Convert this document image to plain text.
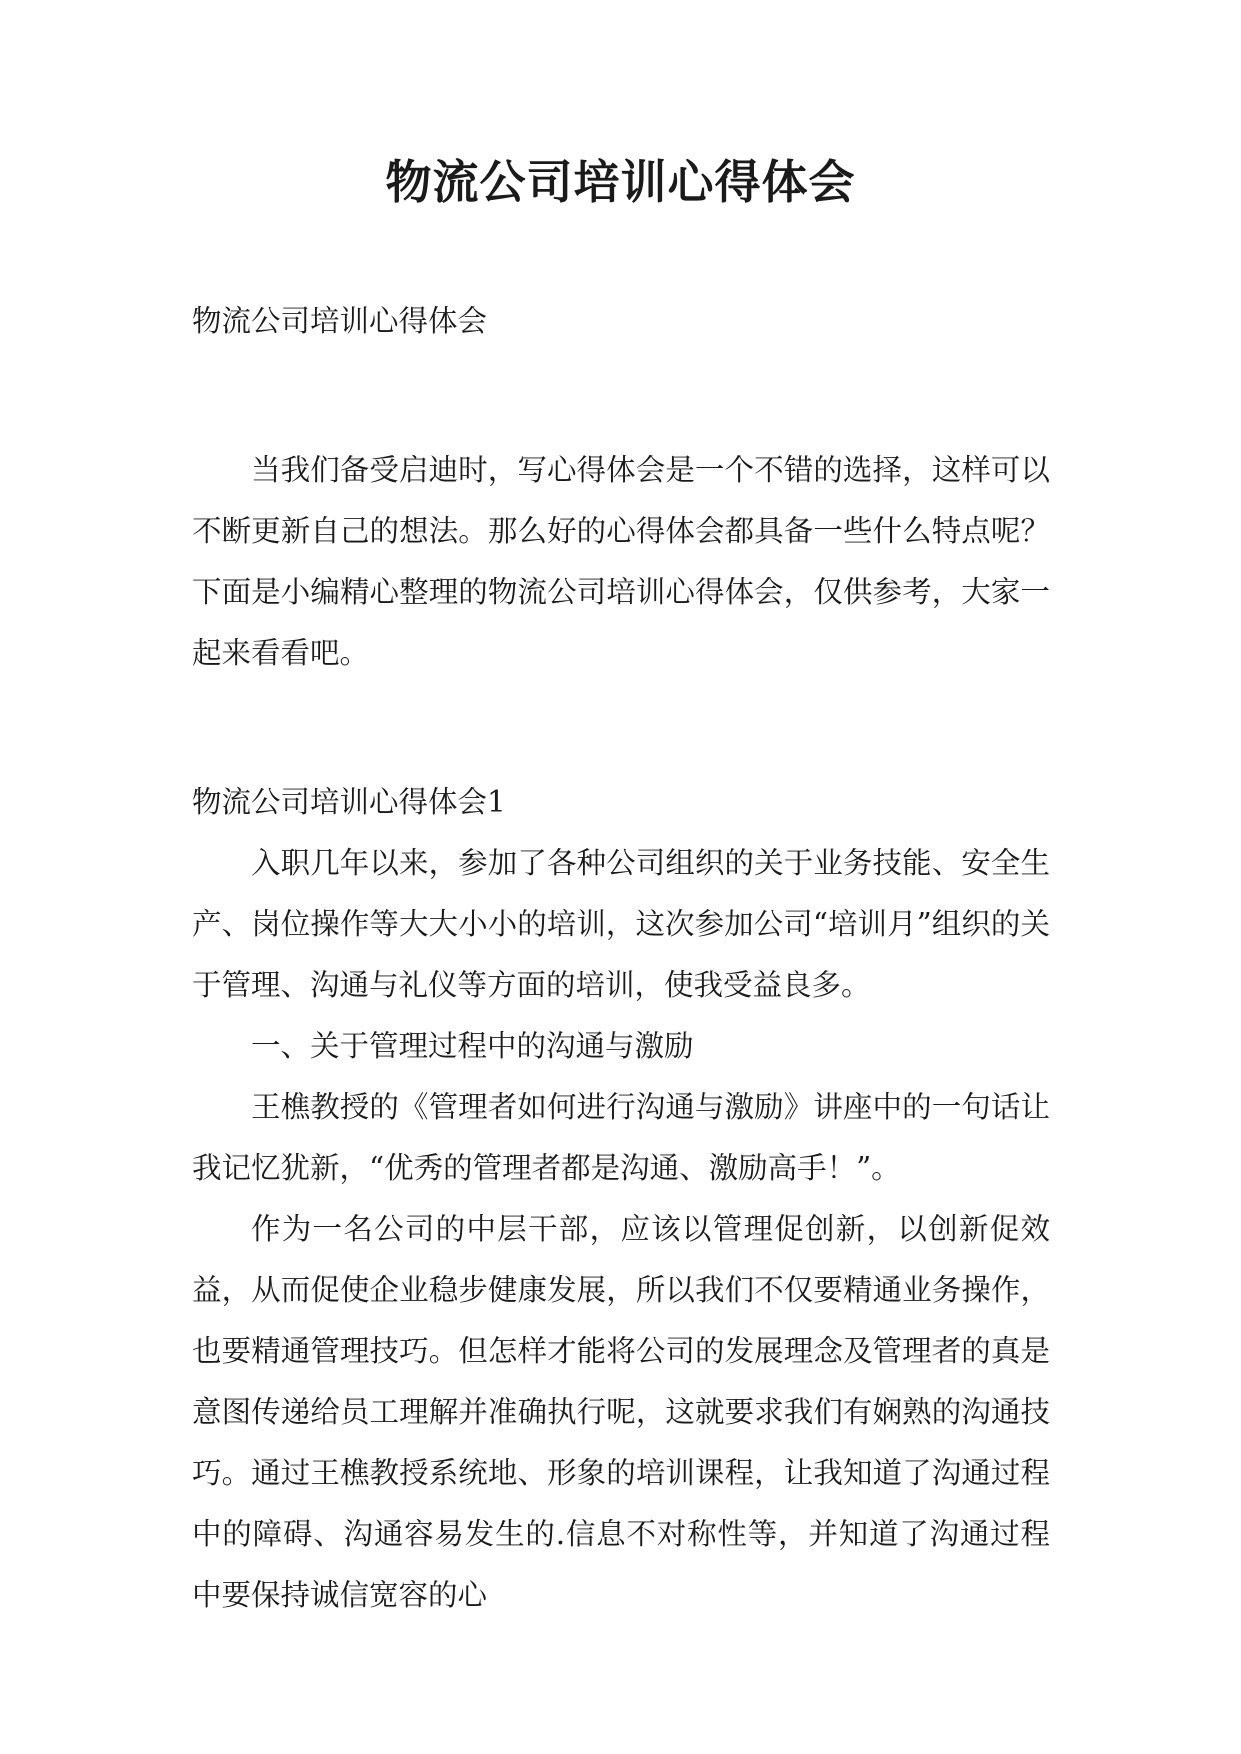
物流公司培训心得体会

物流公司培训心得体会

当我们备受启迪时，写心得体会是一个不错的选择，这样可以不断更新自己的想法。那么好的心得体会都具备一些什么特点呢？下面是小编精心整理的物流公司培训心得体会，仅供参考，大家一起来看看吧。

物流公司培训心得体会1

入职几年以来，参加了各种公司组织的关于业务技能、安全生产、岗位操作等大大小小的培训，这次参加公司“培训月”组织的关于管理、沟通与礼仪等方面的培训，使我受益良多。

一、关于管理过程中的沟通与激励

王樵教授的《管理者如何进行沟通与激励》讲座中的一句话让我记忆犹新，“优秀的管理者都是沟通、激励高手！”。

作为一名公司的中层干部，应该以管理促创新，以创新促效益，从而促使企业稳步健康发展，所以我们不仅要精通业务操作，也要精通管理技巧。但怎样才能将公司的发展理念及管理者的真是意图传递给员工理解并准确执行呢，这就要求我们有娴熟的沟通技巧。通过王樵教授系统地、形象的培训课程，让我知道了沟通过程中的障碍、沟通容易发生的.信息不对称性等，并知道了沟通过程中要保持诚信宽容的心
